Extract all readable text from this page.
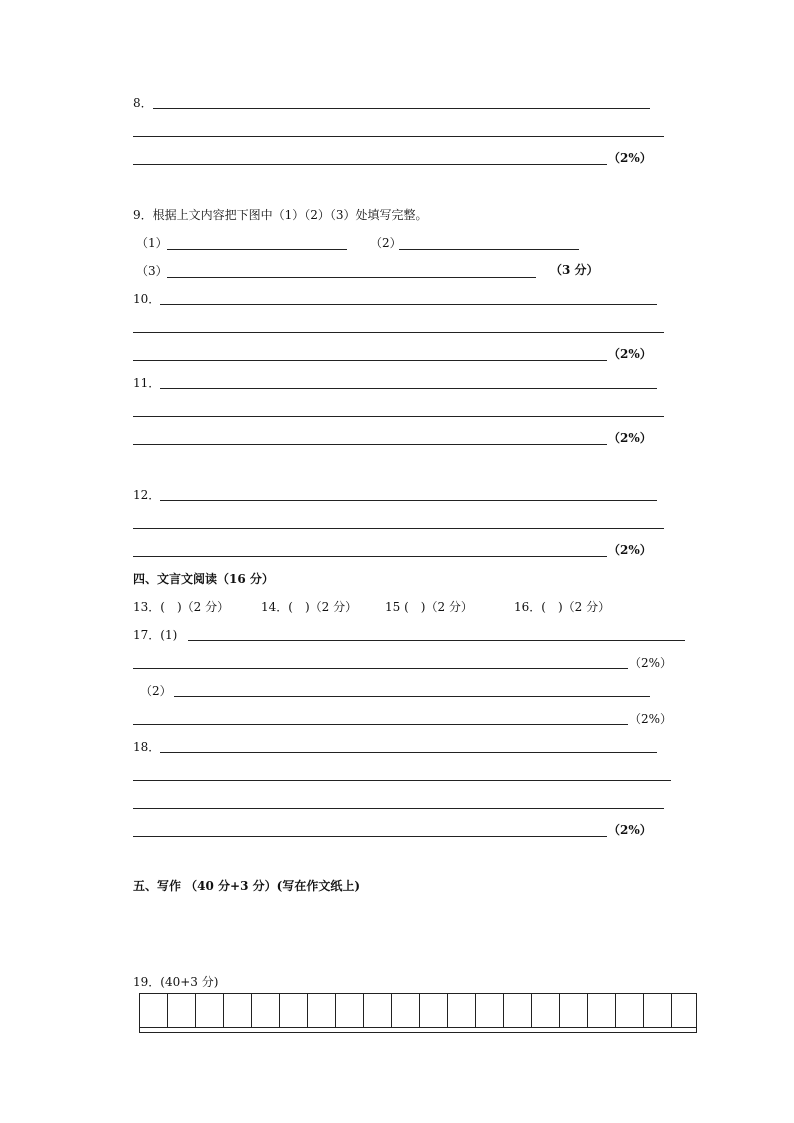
8．
（2%）
9．根据上文内容把下图中（1）（2）（3）处填写完整。
（1）	（2）
（3）	（3 分）
10．
（2%）
11．
（2%）
12．
（2%）
四、文言文阅读（16 分）
13．(　)（2 分）	14．(　)（2 分） 15 (　)（2 分）	16．(　)（2 分）
17．(1)
（2%）
（2）
（2%）
18．
（2%）
五、写作 （40 分+3 分）(写在作文纸上)
19．(40+3 分)
